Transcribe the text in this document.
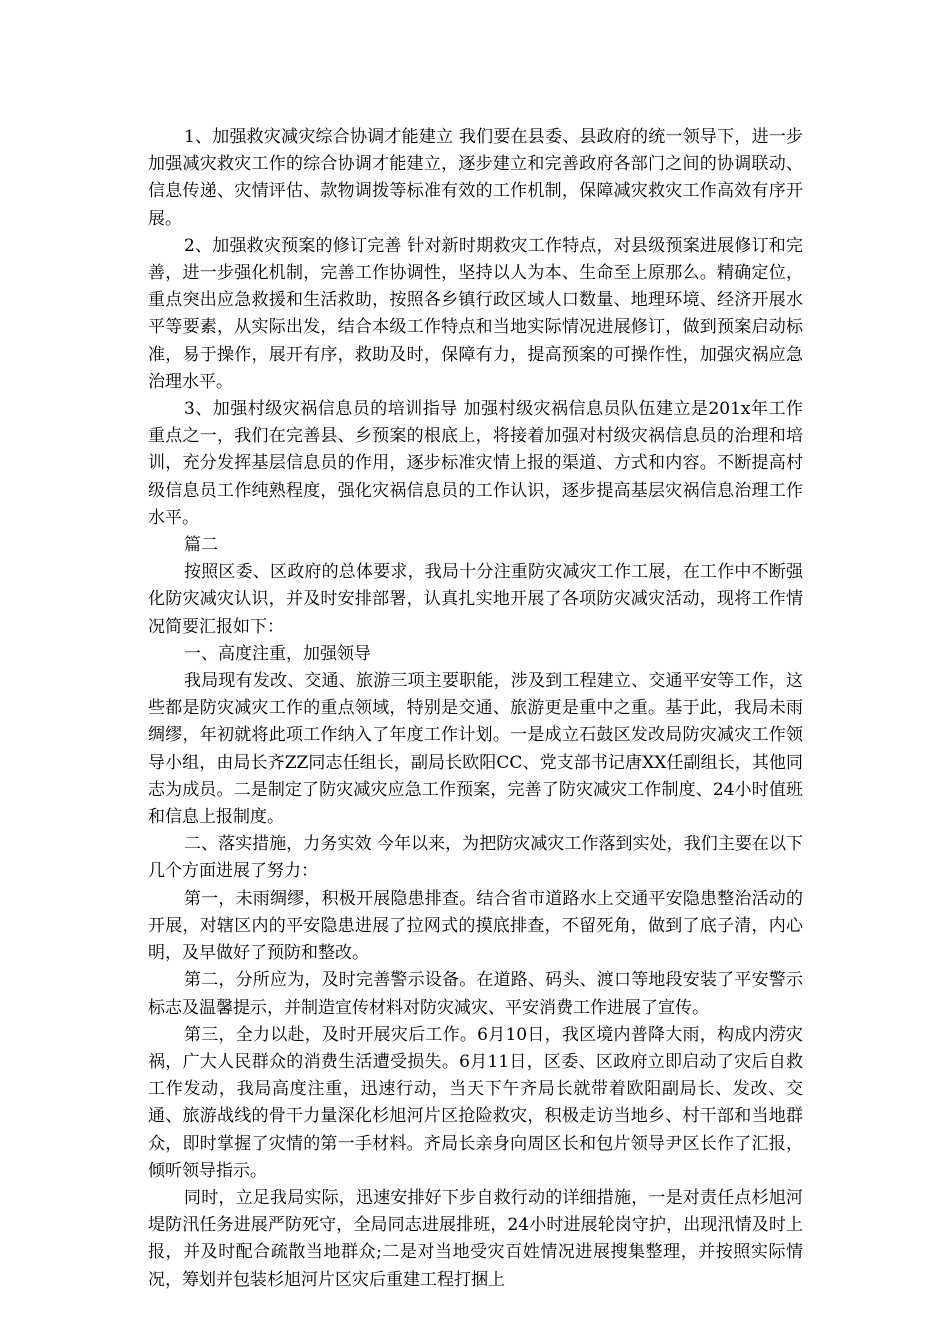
1、加强救灾减灾综合协调才能建立 我们要在县委、县政府的统一领导下，进一步加强减灾救灾工作的综合协调才能建立，逐步建立和完善政府各部门之间的协调联动、信息传递、灾情评估、款物调拨等标准有效的工作机制，保障减灾救灾工作高效有序开展。

2、加强救灾预案的修订完善 针对新时期救灾工作特点，对县级预案进展修订和完善，进一步强化机制，完善工作协调性，坚持以人为本、生命至上原那么。精确定位，重点突出应急救援和生活救助，按照各乡镇行政区域人口数量、地理环境、经济开展水平等要素，从实际出发，结合本级工作特点和当地实际情况进展修订，做到预案启动标准，易于操作，展开有序，救助及时，保障有力，提高预案的可操作性，加强灾祸应急治理水平。

3、加强村级灾祸信息员的培训指导 加强村级灾祸信息员队伍建立是201x年工作重点之一，我们在完善县、乡预案的根底上，将接着加强对村级灾祸信息员的治理和培训，充分发挥基层信息员的作用，逐步标准灾情上报的渠道、方式和内容。不断提高村级信息员工作纯熟程度，强化灾祸信息员的工作认识，逐步提高基层灾祸信息治理工作水平。

篇二

按照区委、区政府的总体要求，我局十分注重防灾减灾工作工展，在工作中不断强化防灾减灾认识，并及时安排部署，认真扎实地开展了各项防灾减灾活动，现将工作情况简要汇报如下：

一、高度注重，加强领导

我局现有发改、交通、旅游三项主要职能，涉及到工程建立、交通平安等工作，这些都是防灾减灾工作的重点领域，特别是交通、旅游更是重中之重。基于此，我局未雨绸缪，年初就将此项工作纳入了年度工作计划。一是成立石鼓区发改局防灾减灾工作领导小组，由局长齐ZZ同志任组长，副局长欧阳CC、党支部书记唐XX任副组长，其他同志为成员。二是制定了防灾减灾应急工作预案，完善了防灾减灾工作制度、24小时值班和信息上报制度。

二、落实措施，力务实效 今年以来，为把防灾减灾工作落到实处，我们主要在以下几个方面进展了努力：

第一，未雨绸缪，积极开展隐患排查。结合省市道路水上交通平安隐患整治活动的开展，对辖区内的平安隐患进展了拉网式的摸底排查，不留死角，做到了底子清，内心明，及早做好了预防和整改。

第二，分所应为，及时完善警示设备。在道路、码头、渡口等地段安装了平安警示标志及温馨提示，并制造宣传材料对防灾减灾、平安消费工作进展了宣传。

第三，全力以赴，及时开展灾后工作。6月10日，我区境内普降大雨，构成内涝灾祸，广大人民群众的消费生活遭受损失。6月11日，区委、区政府立即启动了灾后自救工作发动，我局高度注重，迅速行动，当天下午齐局长就带着欧阳副局长、发改、交通、旅游战线的骨干力量深化杉旭河片区抢险救灾，积极走访当地乡、村干部和当地群众，即时掌握了灾情的第一手材料。齐局长亲身向周区长和包片领导尹区长作了汇报，倾听领导指示。

同时，立足我局实际，迅速安排好下步自救行动的详细措施，一是对责任点杉旭河堤防汛任务进展严防死守，全局同志进展排班，24小时进展轮岗守护，出现汛情及时上报，并及时配合疏散当地群众;二是对当地受灾百姓情况进展搜集整理，并按照实际情况，筹划并包装杉旭河片区灾后重建工程打捆上
